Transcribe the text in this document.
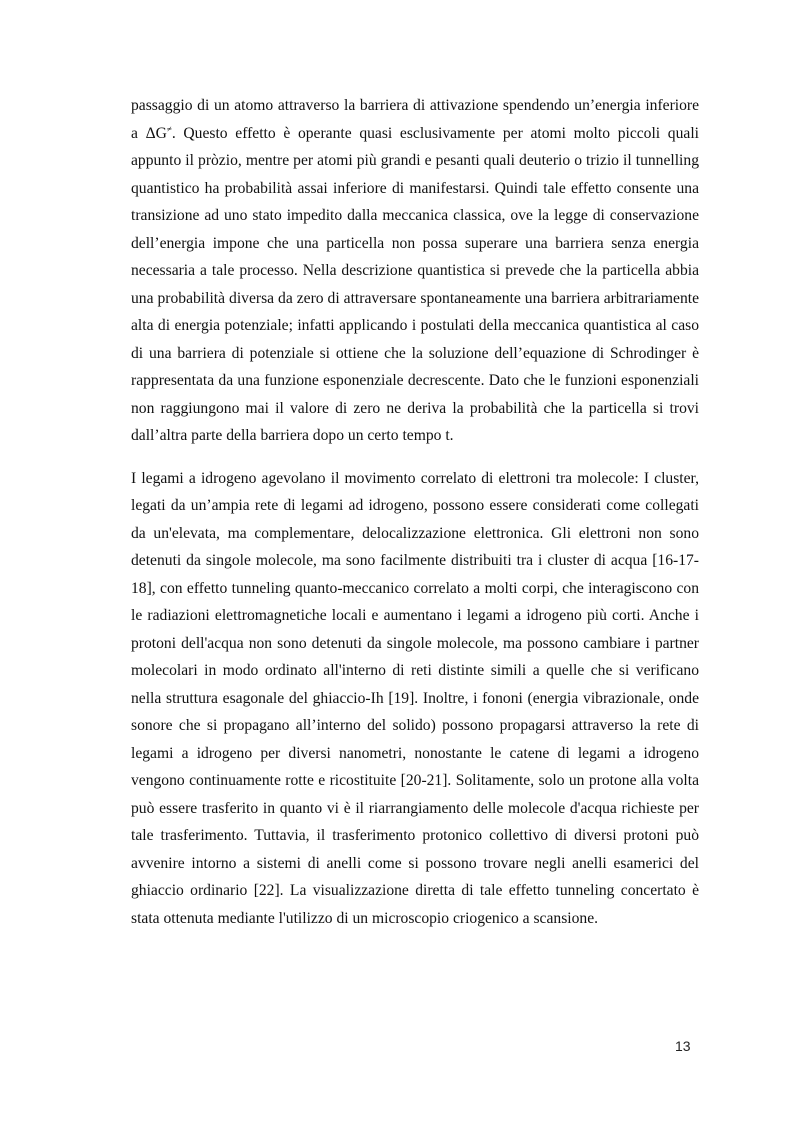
passaggio di un atomo attraverso la barriera di attivazione spendendo un’energia inferiore a ΔG≠. Questo effetto è operante quasi esclusivamente per atomi molto piccoli quali appunto il pròzio, mentre per atomi più grandi e pesanti quali deuterio o trizio il tunnelling quantistico ha probabilità assai inferiore di manifestarsi. Quindi tale effetto consente una transizione ad uno stato impedito dalla meccanica classica, ove la legge di conservazione dell’energia impone che una particella non possa superare una barriera senza energia necessaria a tale processo. Nella descrizione quantistica si prevede che la particella abbia una probabilità diversa da zero di attraversare spontaneamente una barriera arbitrariamente alta di energia potenziale; infatti applicando i postulati della meccanica quantistica al caso di una barriera di potenziale si ottiene che la soluzione dell’equazione di Schrodinger è rappresentata da una funzione esponenziale decrescente. Dato che le funzioni esponenziali non raggiungono mai il valore di zero ne deriva la probabilità che la particella si trovi dall’altra parte della barriera dopo un certo tempo t.

I legami a idrogeno agevolano il movimento correlato di elettroni tra molecole: I cluster, legati da un’ampia rete di legami ad idrogeno, possono essere considerati come collegati da un'elevata, ma complementare, delocalizzazione elettronica. Gli elettroni non sono detenuti da singole molecole, ma sono facilmente distribuiti tra i cluster di acqua [16-17-18], con effetto tunneling quanto-meccanico correlato a molti corpi, che interagiscono con le radiazioni elettromagnetiche locali e aumentano i legami a idrogeno più corti. Anche i protoni dell'acqua non sono detenuti da singole molecole, ma possono cambiare i partner molecolari in modo ordinato all'interno di reti distinte simili a quelle che si verificano nella struttura esagonale del ghiaccio-Ih [19]. Inoltre, i fononi (energia vibrazionale, onde sonore che si propagano all’interno del solido) possono propagarsi attraverso la rete di legami a idrogeno per diversi nanometri, nonostante le catene di legami a idrogeno vengono continuamente rotte e ricostituite [20-21]. Solitamente, solo un protone alla volta può essere trasferito in quanto vi è il riarrangiamento delle molecole d'acqua richieste per tale trasferimento. Tuttavia, il trasferimento protonico collettivo di diversi protoni può avvenire intorno a sistemi di anelli come si possono trovare negli anelli esamerici del ghiaccio ordinario [22]. La visualizzazione diretta di tale effetto tunneling concertato è stata ottenuta mediante l'utilizzo di un microscopio criogenico a scansione.

13
